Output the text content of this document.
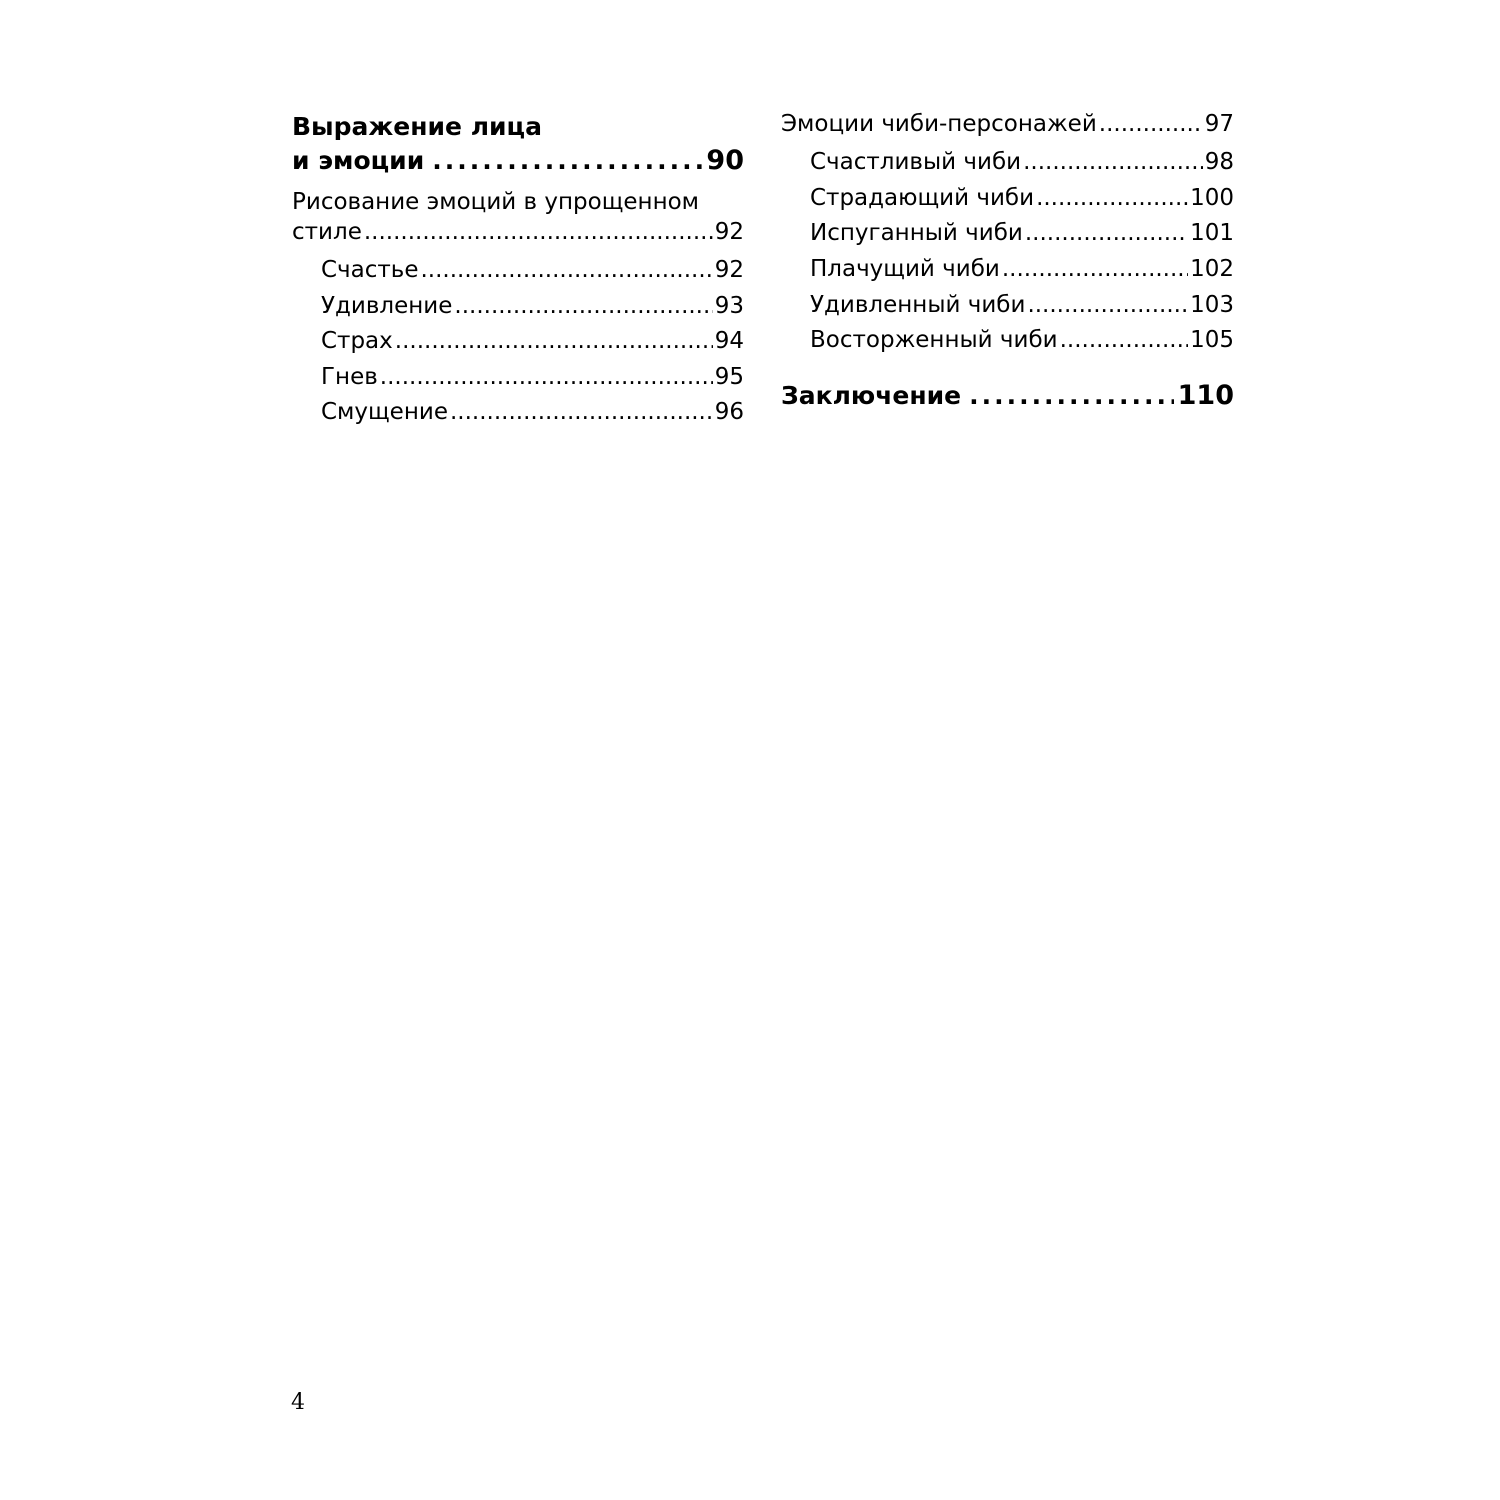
Выражение лица
и эмоции .....	90
Рисование эмоций в упрощенном
стиле .....	92
Счастье .....	92
Удивление .....	93
Страх .....	94
Гнев .....	95
Смущение .....	96
Эмоции чиби-персонажей .....	97
Счастливый чиби .....	98
Страдающий чиби .....	100
Испуганный чиби .....	101
Плачущий чиби .....	102
Удивленный чиби .....	103
Восторженный чиби .....	105
Заключение .....	110
4
